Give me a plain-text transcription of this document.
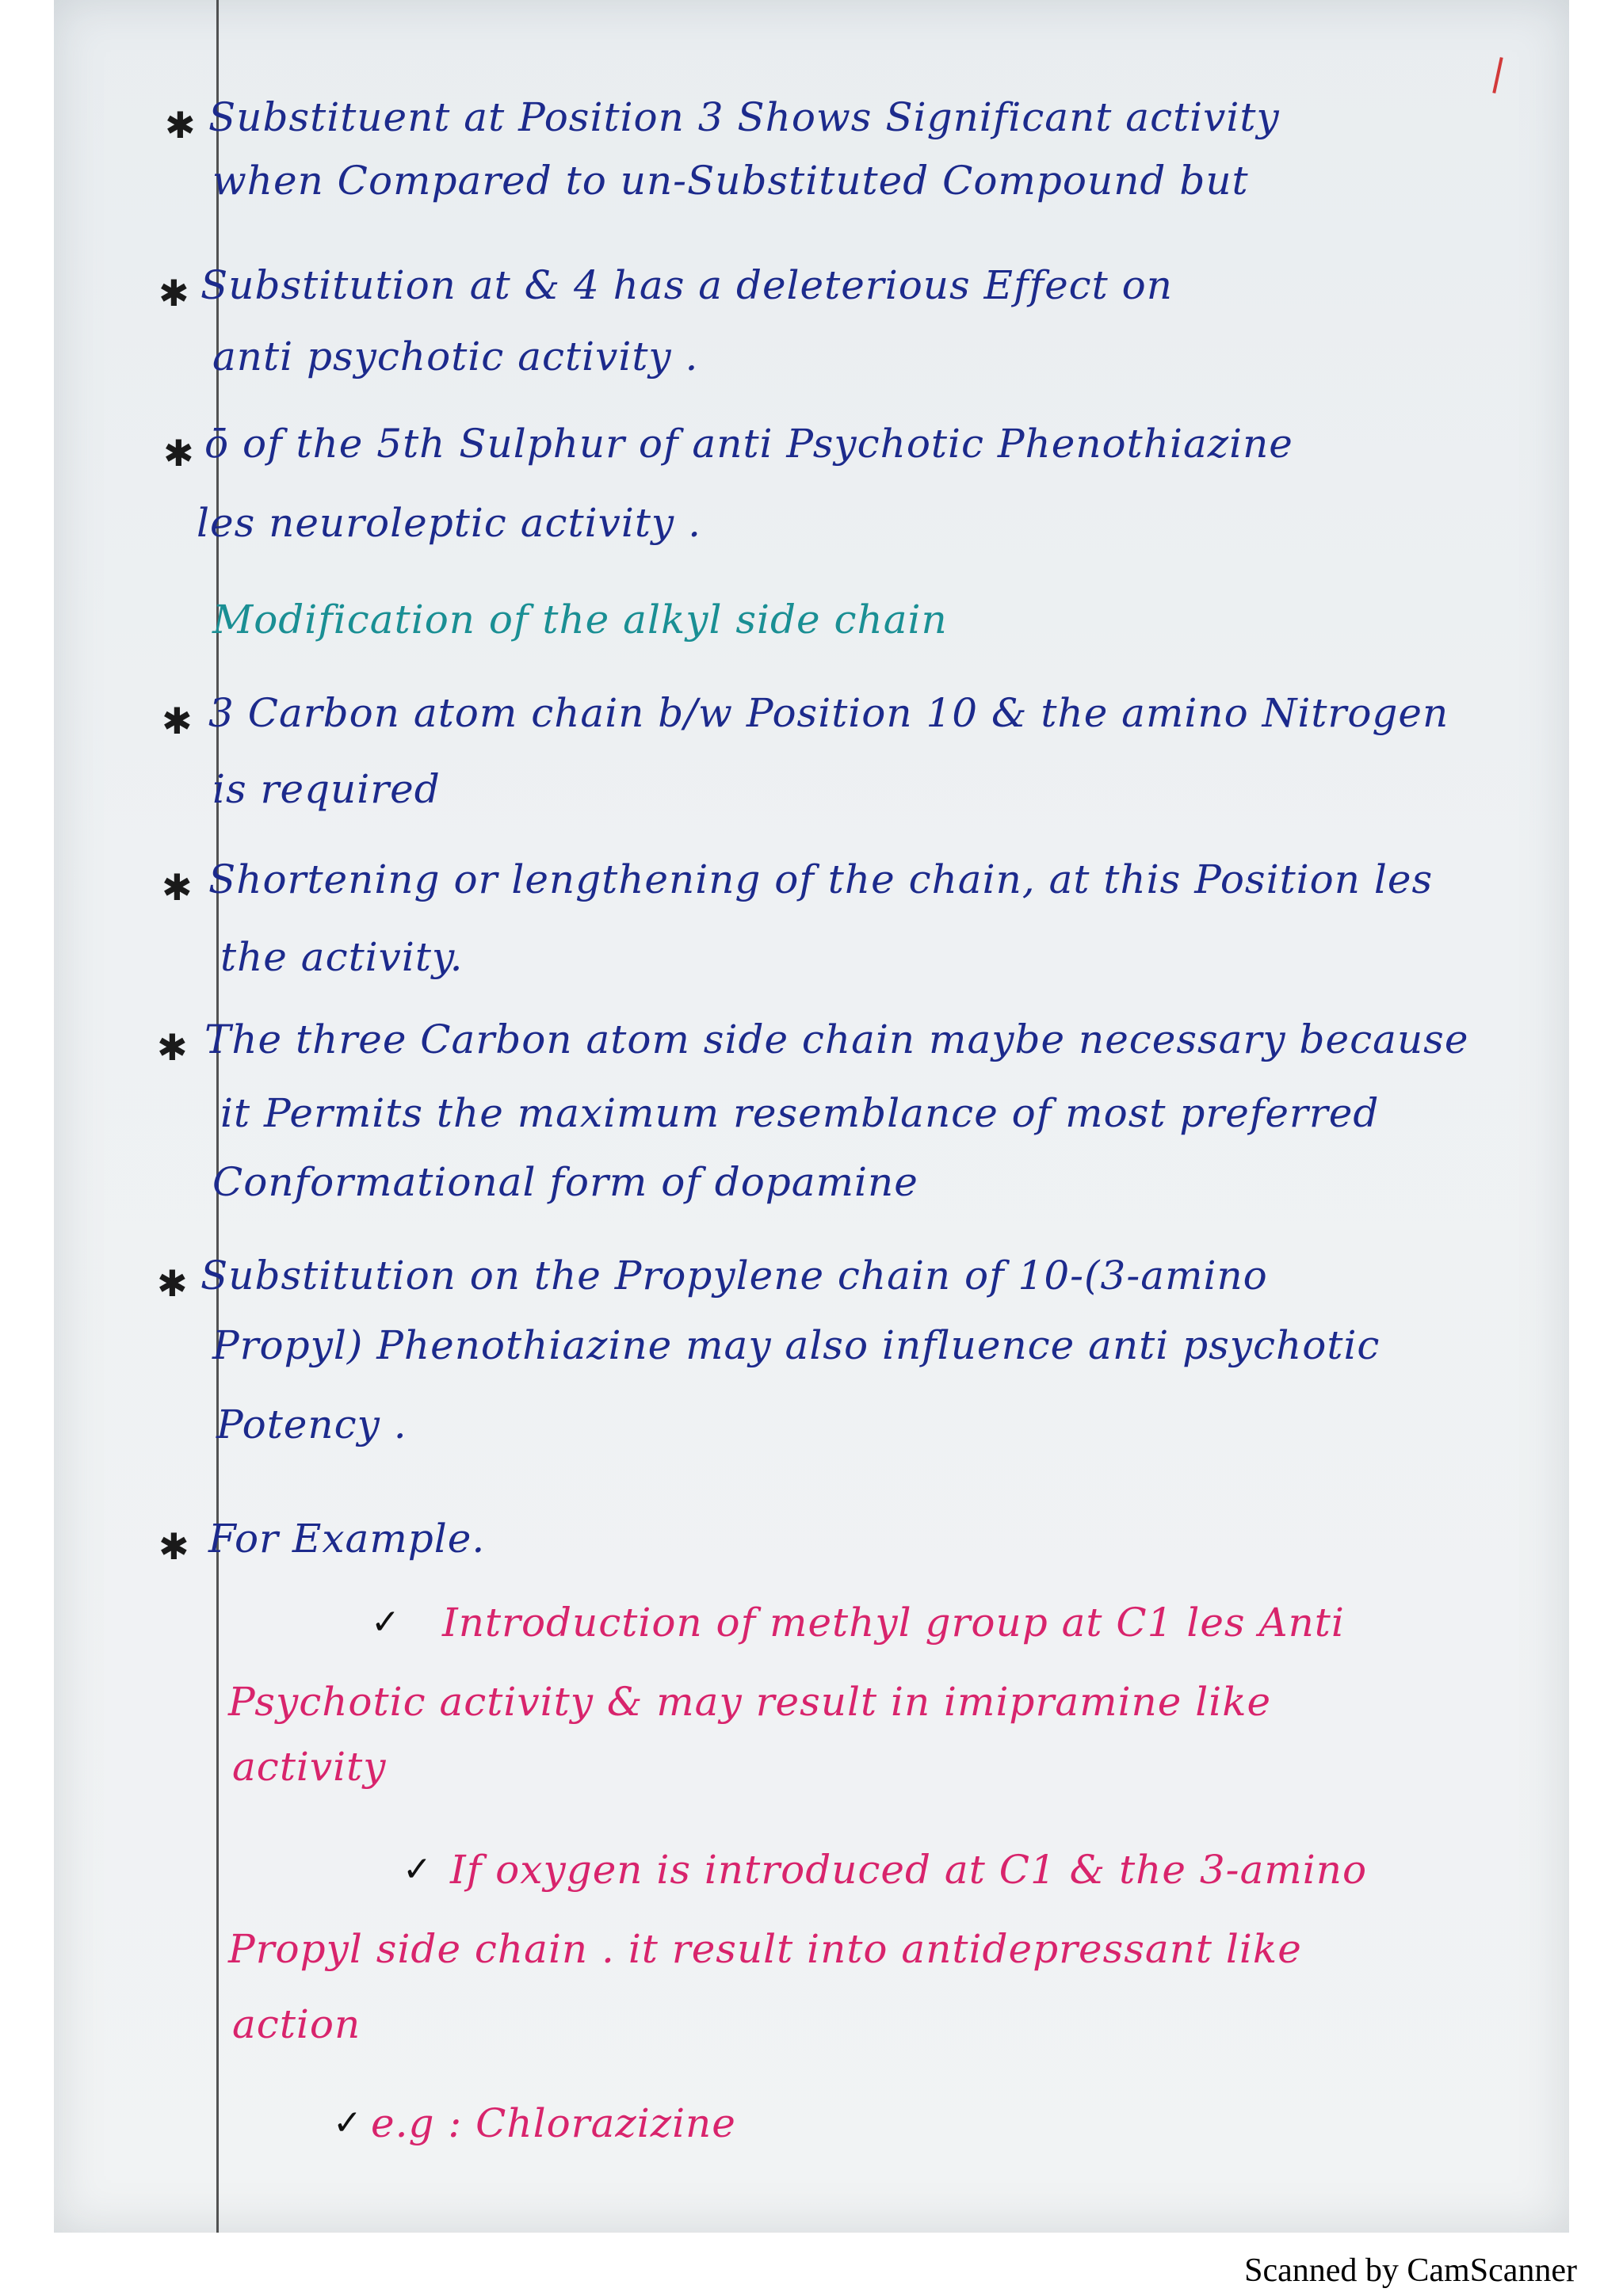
✱
✱
✱
✱
✱
✱
✱
✱
✓
✓
✓
Substituent at Position 3 Shows Significant activity
when Compared to un-Substituted Compound but
Substitution at & 4 has a deleterious Effect on
anti psychotic activity .
ō of the 5th Sulphur of anti Psychotic Phenothiazine
les neuroleptic activity .
Modification of the alkyl side chain
3 Carbon atom chain b/w Position 10 & the amino Nitrogen
is required
Shortening or lengthening of the chain, at this Position les
the activity.
The three Carbon atom side chain maybe necessary because
it Permits the maximum resemblance of most preferred
Conformational form of dopamine
Substitution on the Propylene chain of 10-(3-amino
Propyl) Phenothiazine may also influence anti psychotic
Potency .
For Example.
Introduction of methyl group at C1 les Anti
Psychotic activity & may result in imipramine like
activity
If oxygen is introduced at C1 & the 3-amino
Propyl side chain . it result into antidepressant like
action
e.g : Chlorazizine
Scanned by CamScanner
